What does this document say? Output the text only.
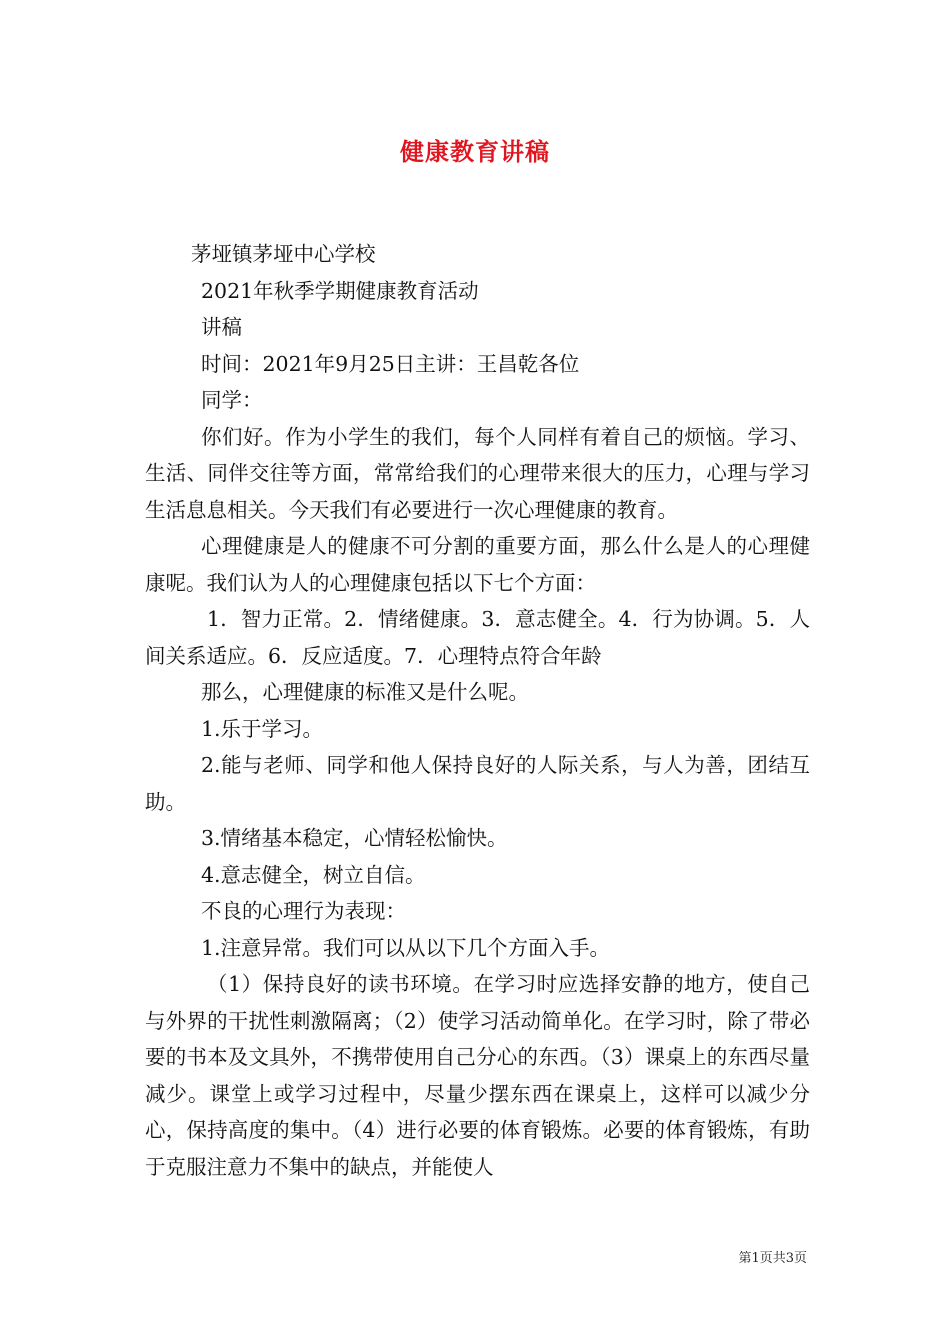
健康教育讲稿

茅垭镇茅垭中心学校

2021年秋季学期健康教育活动

讲稿

时间：2021年9月25日主讲：王昌乾各位

同学：

你们好。作为小学生的我们，每个人同样有着自己的烦恼。学习、生活、同伴交往等方面，常常给我们的心理带来很大的压力，心理与学习生活息息相关。今天我们有必要进行一次心理健康的教育。

心理健康是人的健康不可分割的重要方面，那么什么是人的心理健康呢。我们认为人的心理健康包括以下七个方面：

1．智力正常。2．情绪健康。3．意志健全。4．行为协调。5．人间关系适应。6．反应适度。7．心理特点符合年龄

那么，心理健康的标准又是什么呢。

1.乐于学习。

2.能与老师、同学和他人保持良好的人际关系，与人为善，团结互助。

3.情绪基本稳定，心情轻松愉快。

4.意志健全，树立自信。

不良的心理行为表现：

1.注意异常。我们可以从以下几个方面入手。

（1）保持良好的读书环境。在学习时应选择安静的地方，使自己与外界的干扰性刺激隔离；（2）使学习活动简单化。在学习时，除了带必要的书本及文具外，不携带使用自己分心的东西。（3）课桌上的东西尽量减少。课堂上或学习过程中，尽量少摆东西在课桌上，这样可以减少分心，保持高度的集中。（4）进行必要的体育锻炼。必要的体育锻炼，有助于克服注意力不集中的缺点，并能使人

第1页共3页
